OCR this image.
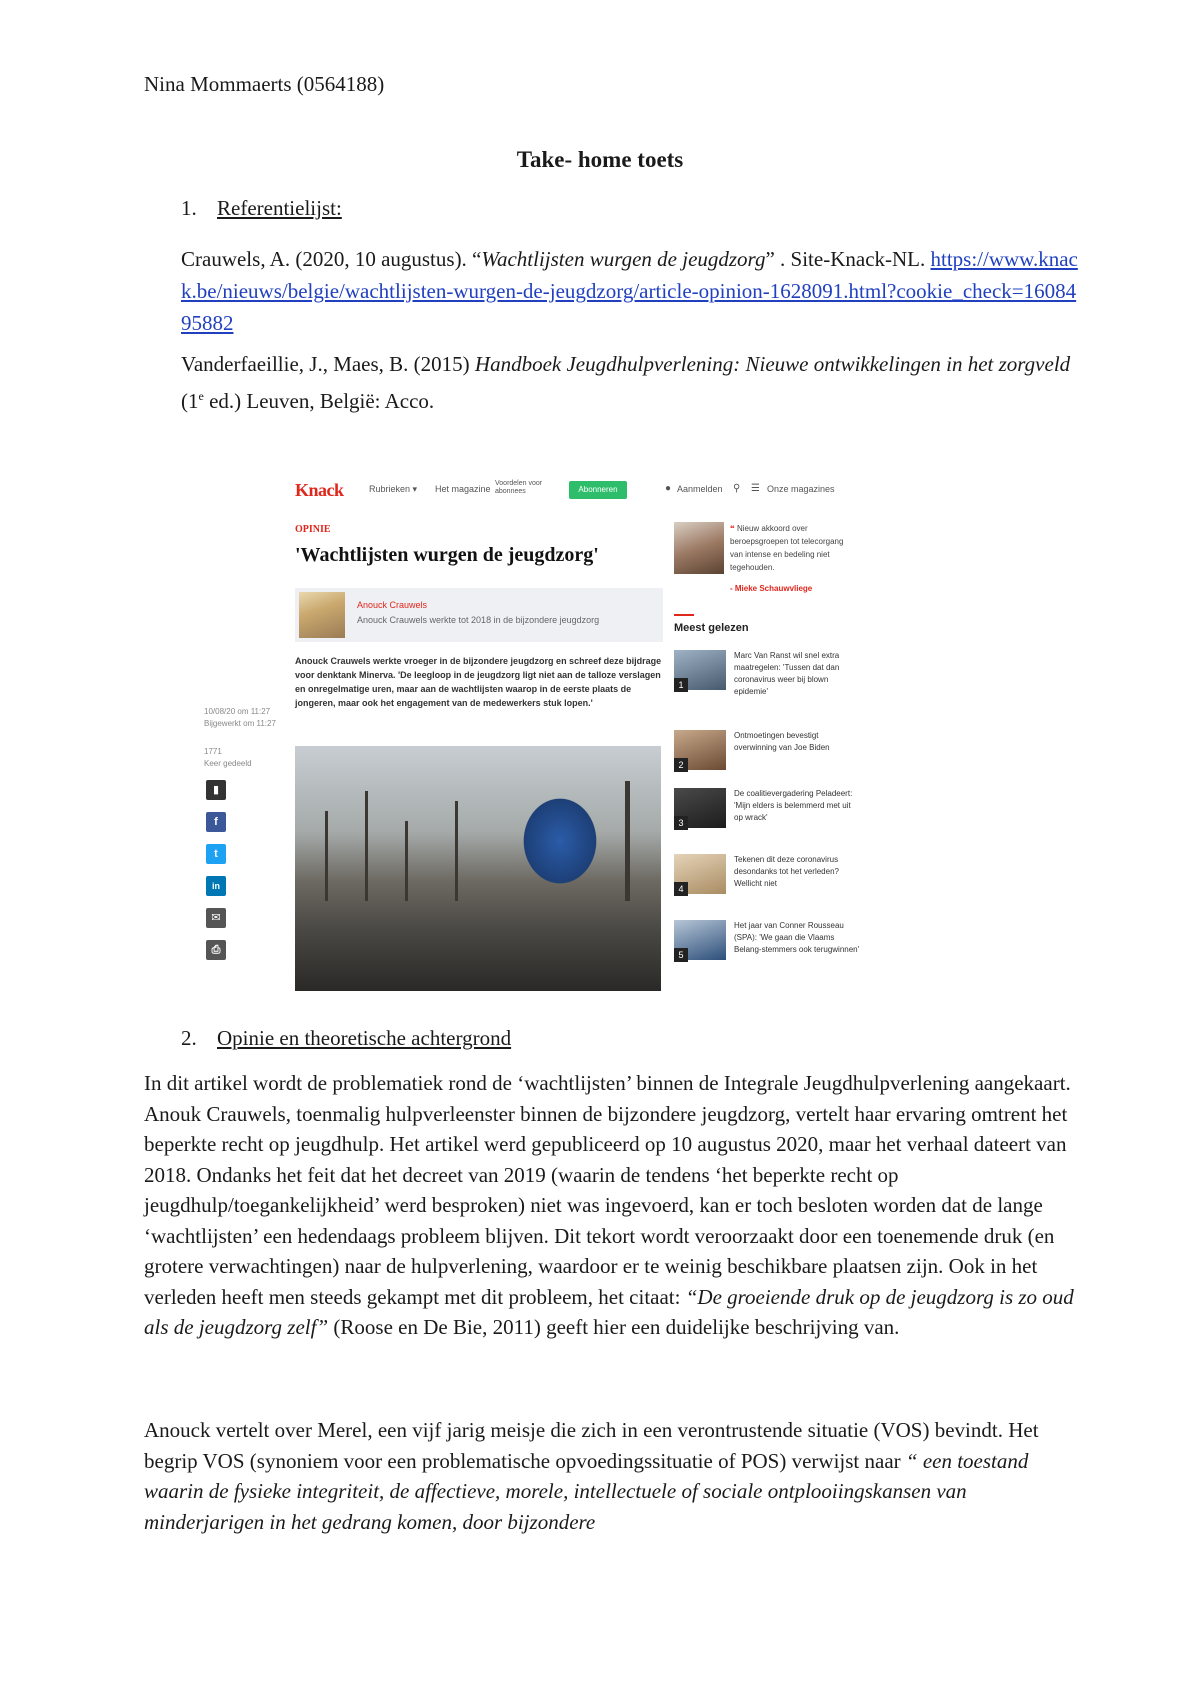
Nina Mommaerts (0564188)
Take- home toets
1. Referentielijst:
Crauwels, A. (2020, 10 augustus). “Wachtlijsten wurgen de jeugdzorg” . Site-Knack-NL. https://www.knack.be/nieuws/belgie/wachtlijsten-wurgen-de-jeugdzorg/article-opinion-1628091.html?cookie_check=1608495882
Vanderfaeillie, J., Maes, B. (2015) Handboek Jeugdhulpverlening: Nieuwe ontwikkelingen in het zorgveld (1e ed.) Leuven, België: Acco.
Knack	Rubrieken ▾ Het magazine
Voordelen voor abonnees	Abonneren	● Aanmelden ⚲ ☰ Onze magazines
OPINIE
'Wachtlijsten wurgen de jeugdzorg'
Anouck Crauwels
Anouck Crauwels werkte tot 2018 in de bijzondere jeugdzorg
Anouck Crauwels werkte vroeger in de bijzondere jeugdzorg en schreef deze bijdrage voor denktank Minerva. 'De leegloop in de jeugdzorg ligt niet aan de talloze verslagen en onregelmatige uren, maar aan de wachtlijsten waarop in de eerste plaats de jongeren, maar ook het engagement van de medewerkers stuk lopen.'
10/08/20 om 11:27
Bijgewerkt om 11:27
1771
Keer gedeeld
▮
f
t
in
✉
⎙
❝ Nieuw akkoord over beroepsgroepen tot telecorgang van intense en bedeling niet tegehouden.
- Mieke Schauwvliege
Meest gelezen
1
Marc Van Ranst wil snel extra maatregelen: 'Tussen dat dan coronavirus weer bij blown epidemie'
2
Ontmoetingen bevestigt overwinning van Joe Biden
3
De coalitievergadering Peladeert: 'Mijn elders is belemmerd met uit op wrack'
4
Tekenen dit deze coronavirus desondanks tot het verleden? Wellicht niet
5
Het jaar van Conner Rousseau (SPA): 'We gaan die Vlaams Belang-stemmers ook terugwinnen'
2. Opinie en theoretische achtergrond
In dit artikel wordt de problematiek rond de ‘wachtlijsten’ binnen de Integrale Jeugdhulpverlening aangekaart. Anouk Crauwels, toenmalig hulpverleenster binnen de bijzondere jeugdzorg, vertelt haar ervaring omtrent het beperkte recht op jeugdhulp. Het artikel werd gepubliceerd op 10 augustus 2020, maar het verhaal dateert van 2018. Ondanks het feit dat het decreet van 2019 (waarin de tendens ‘het beperkte recht op jeugdhulp/toegankelijkheid’ werd besproken) niet was ingevoerd, kan er toch besloten worden dat de lange ‘wachtlijsten’ een hedendaags probleem blijven. Dit tekort wordt veroorzaakt door een toenemende druk (en grotere verwachtingen) naar de hulpverlening, waardoor er te weinig beschikbare plaatsen zijn. Ook in het verleden heeft men steeds gekampt met dit probleem, het citaat: “De groeiende druk op de jeugdzorg is zo oud als de jeugdzorg zelf” (Roose en De Bie, 2011) geeft hier een duidelijke beschrijving van.
Anouck vertelt over Merel, een vijf jarig meisje die zich in een verontrustende situatie (VOS) bevindt. Het begrip VOS (synoniem voor een problematische opvoedingssituatie of POS) verwijst naar “ een toestand waarin de fysieke integriteit, de affectieve, morele, intellectuele of sociale ontplooiingskansen van minderjarigen in het gedrang komen, door bijzondere
